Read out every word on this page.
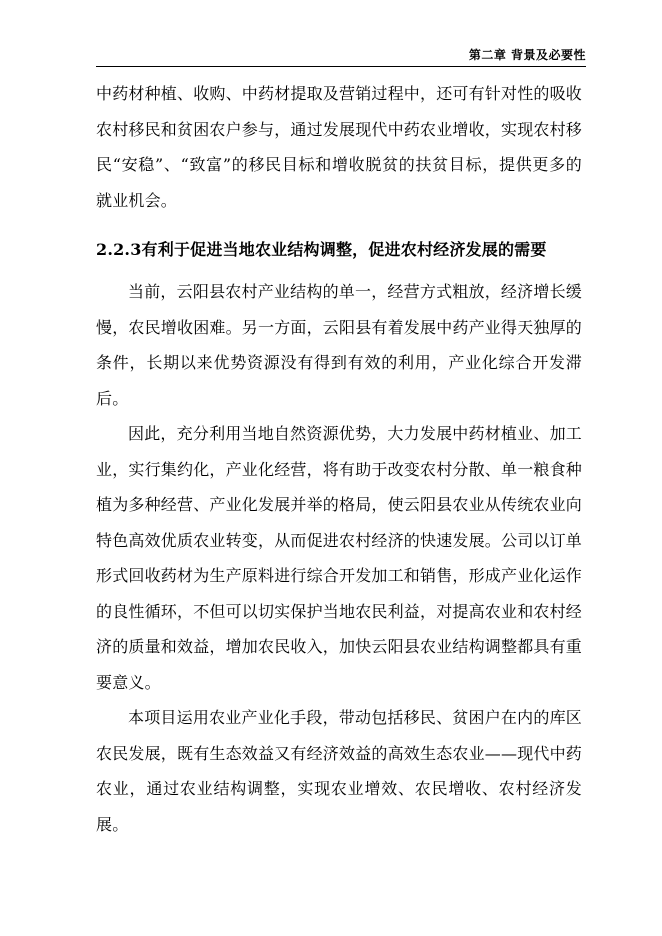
第二章 背景及必要性

中药材种植、收购、中药材提取及营销过程中，还可有针对性的吸收农村移民和贫困农户参与，通过发展现代中药农业增收，实现农村移民“安稳”、“致富”的移民目标和增收脱贫的扶贫目标，提供更多的就业机会。

2.2.3有利于促进当地农业结构调整，促进农村经济发展的需要

当前，云阳县农村产业结构的单一，经营方式粗放，经济增长缓慢，农民增收困难。另一方面，云阳县有着发展中药产业得天独厚的条件，长期以来优势资源没有得到有效的利用，产业化综合开发滞后。

因此，充分利用当地自然资源优势，大力发展中药材植业、加工业，实行集约化，产业化经营，将有助于改变农村分散、单一粮食种植为多种经营、产业化发展并举的格局，使云阳县农业从传统农业向特色高效优质农业转变，从而促进农村经济的快速发展。公司以订单形式回收药材为生产原料进行综合开发加工和销售，形成产业化运作的良性循环，不但可以切实保护当地农民利益，对提高农业和农村经济的质量和效益，增加农民收入，加快云阳县农业结构调整都具有重要意义。

本项目运用农业产业化手段，带动包括移民、贫困户在内的库区农民发展，既有生态效益又有经济效益的高效生态农业——现代中药农业，通过农业结构调整，实现农业增效、农民增收、农村经济发展。
